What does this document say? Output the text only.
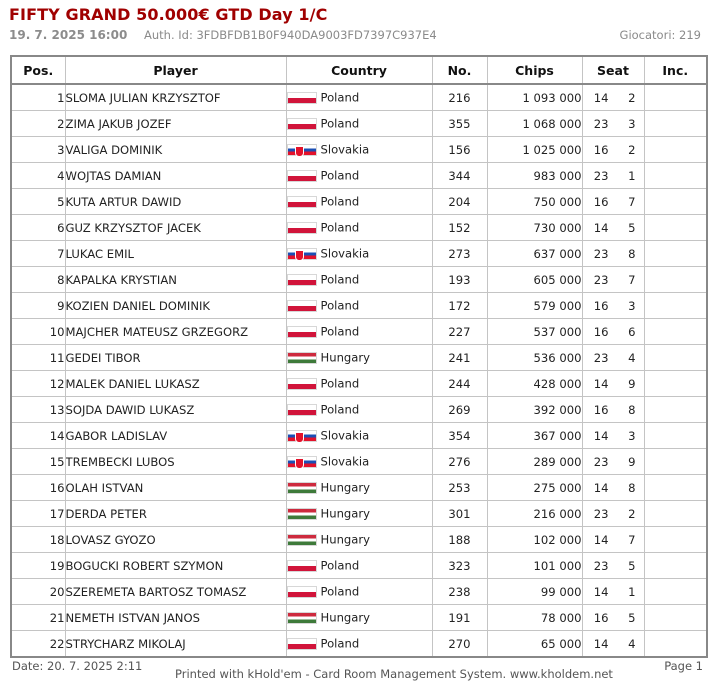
FIFTY GRAND 50.000€ GTD Day 1/C
19. 7. 2025 16:00 Auth. Id: 3FDBFDB1B0F940DA9003FD7397C937E4	Giocatori: 219
Pos.	Player	Country	No.	Chips	Seat	Inc.
1	SLOMA JULIAN KRZYSZTOF	Poland	216	1 093 000	14 2	
2	ZIMA JAKUB JOZEF	Poland	355	1 068 000	23 3	
3	VALIGA DOMINIK	Slovakia	156	1 025 000	16 2	
4	WOJTAS DAMIAN	Poland	344	983 000	23 1	
5	KUTA ARTUR DAWID	Poland	204	750 000	16 7	
6	GUZ KRZYSZTOF JACEK	Poland	152	730 000	14 5	
7	LUKAC EMIL	Slovakia	273	637 000	23 8	
8	KAPALKA KRYSTIAN	Poland	193	605 000	23 7	
9	KOZIEN DANIEL DOMINIK	Poland	172	579 000	16 3	
10	MAJCHER MATEUSZ GRZEGORZ	Poland	227	537 000	16 6	
11	GEDEI TIBOR	Hungary	241	536 000	23 4	
12	MALEK DANIEL LUKASZ	Poland	244	428 000	14 9	
13	SOJDA DAWID LUKASZ	Poland	269	392 000	16 8	
14	GABOR LADISLAV	Slovakia	354	367 000	14 3	
15	TREMBECKI LUBOS	Slovakia	276	289 000	23 9	
16	OLAH ISTVAN	Hungary	253	275 000	14 8	
17	DERDA PETER	Hungary	301	216 000	23 2	
18	LOVASZ GYOZO	Hungary	188	102 000	14 7	
19	BOGUCKI ROBERT SZYMON	Poland	323	101 000	23 5	
20	SZEREMETA BARTOSZ TOMASZ	Poland	238	99 000	14 1	
21	NEMETH ISTVAN JANOS	Hungary	191	78 000	16 5	
22	STRYCHARZ MIKOLAJ	Poland	270	65 000	14 4	
Date: 20. 7. 2025 2:11
Printed with kHold'em - Card Room Management System. www.kholdem.net
Page 1
